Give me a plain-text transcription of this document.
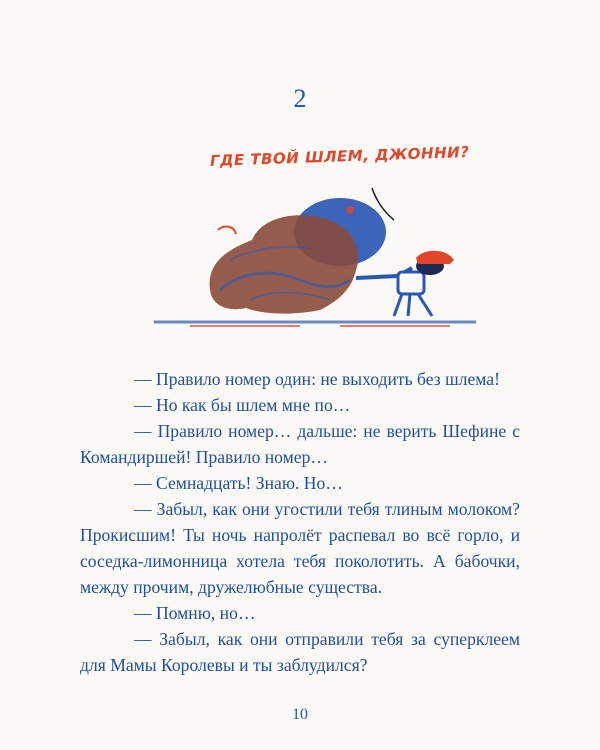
2
ГДЕ ТВОЙ ШЛЕМ, ДЖОННИ?

— Правило номер один: не выходить без шлема!

— Но как бы шлем мне по…

— Правило номер… дальше: не верить Шефине с Командиршей! Правило номер…

— Семнадцать! Знаю. Но…

— Забыл, как они угостили тебя тлиным молоком? Прокисшим! Ты ночь напролёт распевал во всё горло, и соседка-лимонница хотела тебя поколотить. А бабочки, между прочим, дружелюбные существа.

— Помню, но…

— Забыл, как они отправили тебя за суперклеем для Мамы Королевы и ты заблудился?

10
